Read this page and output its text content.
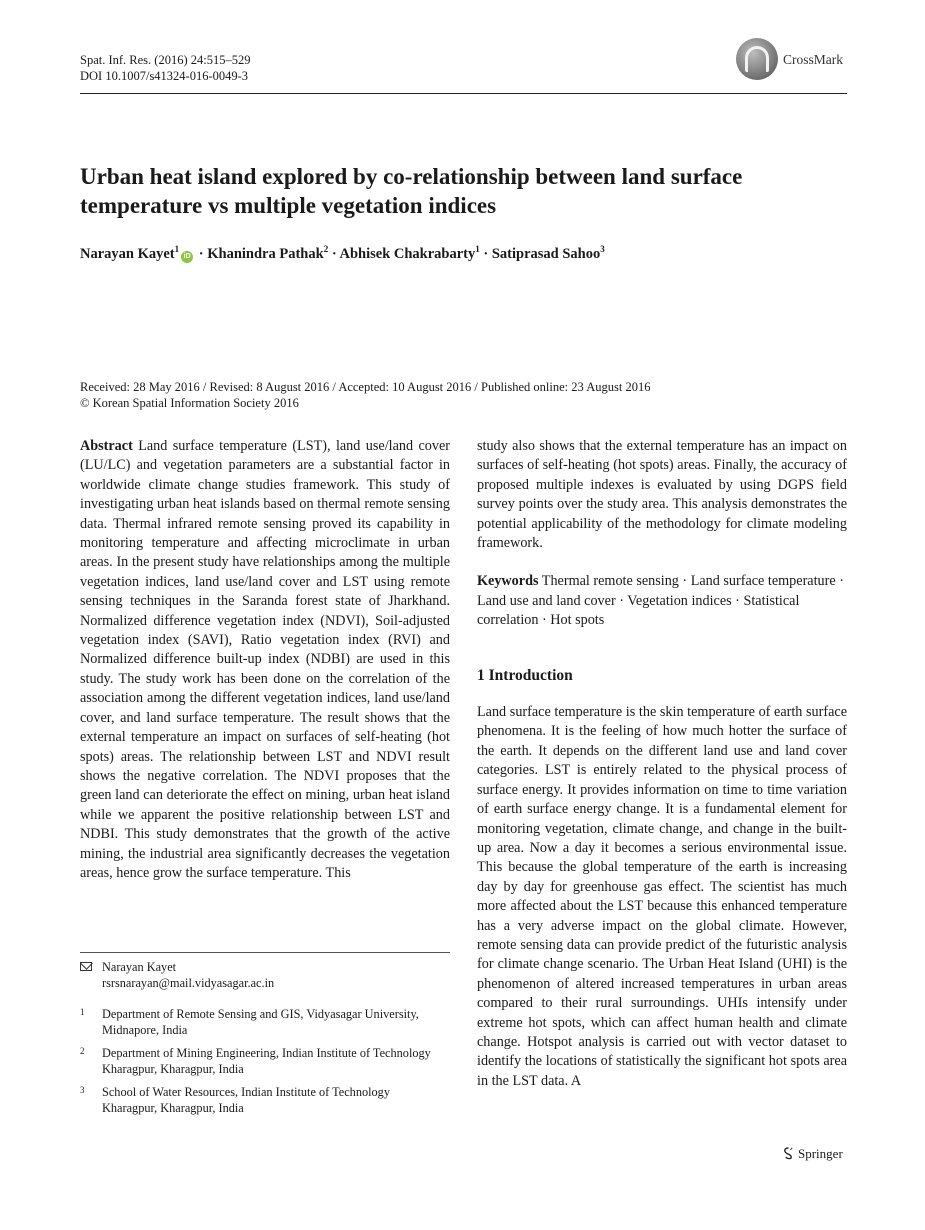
Spat. Inf. Res. (2016) 24:515–529
DOI 10.1007/s41324-016-0049-3
CrossMark
Urban heat island explored by co-relationship between land surface temperature vs multiple vegetation indices
Narayan Kayet$^1$iD · Khanindra Pathak$^2$ · Abhisek Chakrabarty$^1$ · Satiprasad Sahoo$^3$
Received: 28 May 2016 / Revised: 8 August 2016 / Accepted: 10 August 2016 / Published online: 23 August 2016
© Korean Spatial Information Society 2016

Abstract Land surface temperature (LST), land use/land cover (LU/LC) and vegetation parameters are a substantial factor in worldwide climate change studies framework. This study of investigating urban heat islands based on thermal remote sensing data. Thermal infrared remote sensing proved its capability in monitoring temperature and affecting microclimate in urban areas. In the present study have relationships among the multiple vegetation indices, land use/land cover and LST using remote sensing techniques in the Saranda forest state of Jharkhand. Normalized difference vegetation index (NDVI), Soil-adjusted vegetation index (SAVI), Ratio vegetation index (RVI) and Normalized difference built-up index (NDBI) are used in this study. The study work has been done on the correlation of the association among the different vegetation indices, land use/land cover, and land surface temperature. The result shows that the external temperature an impact on surfaces of self-heating (hot spots) areas. The relationship between LST and NDVI result shows the negative correlation. The NDVI proposes that the green land can deteriorate the effect on mining, urban heat island while we apparent the positive relationship between LST and NDBI. This study demonstrates that the growth of the active mining, the industrial area significantly decreases the vegetation areas, hence grow the surface temperature. This

study also shows that the external temperature has an impact on surfaces of self-heating (hot spots) areas. Finally, the accuracy of proposed multiple indexes is evaluated by using DGPS field survey points over the study area. This analysis demonstrates the potential applicability of the methodology for climate modeling framework.

Keywords Thermal remote sensing · Land surface temperature · Land use and land cover · Vegetation indices · Statistical correlation · Hot spots

1 Introduction

Land surface temperature is the skin temperature of earth surface phenomena. It is the feeling of how much hotter the surface of the earth. It depends on the different land use and land cover categories. LST is entirely related to the physical process of surface energy. It provides information on time to time variation of earth surface energy change. It is a fundamental element for monitoring vegetation, climate change, and change in the built-up area. Now a day it becomes a serious environmental issue. This because the global temperature of the earth is increasing day by day for greenhouse gas effect. The scientist has much more affected about the LST because this enhanced temperature has a very adverse impact on the global climate. However, remote sensing data can provide predict of the futuristic analysis for climate change scenario. The Urban Heat Island (UHI) is the phenomenon of altered increased temperatures in urban areas compared to their rural surroundings. UHIs intensify under extreme hot spots, which can affect human health and climate change. Hotspot analysis is carried out with vector dataset to identify the locations of statistically the significant hot spots area in the LST data. A

Narayan Kayet
rsrsnarayan@mail.vidyasagar.ac.in
1 Department of Remote Sensing and GIS, Vidyasagar University, Midnapore, India
2 Department of Mining Engineering, Indian Institute of Technology Kharagpur, Kharagpur, India
3 School of Water Resources, Indian Institute of Technology Kharagpur, Kharagpur, India
Springer
